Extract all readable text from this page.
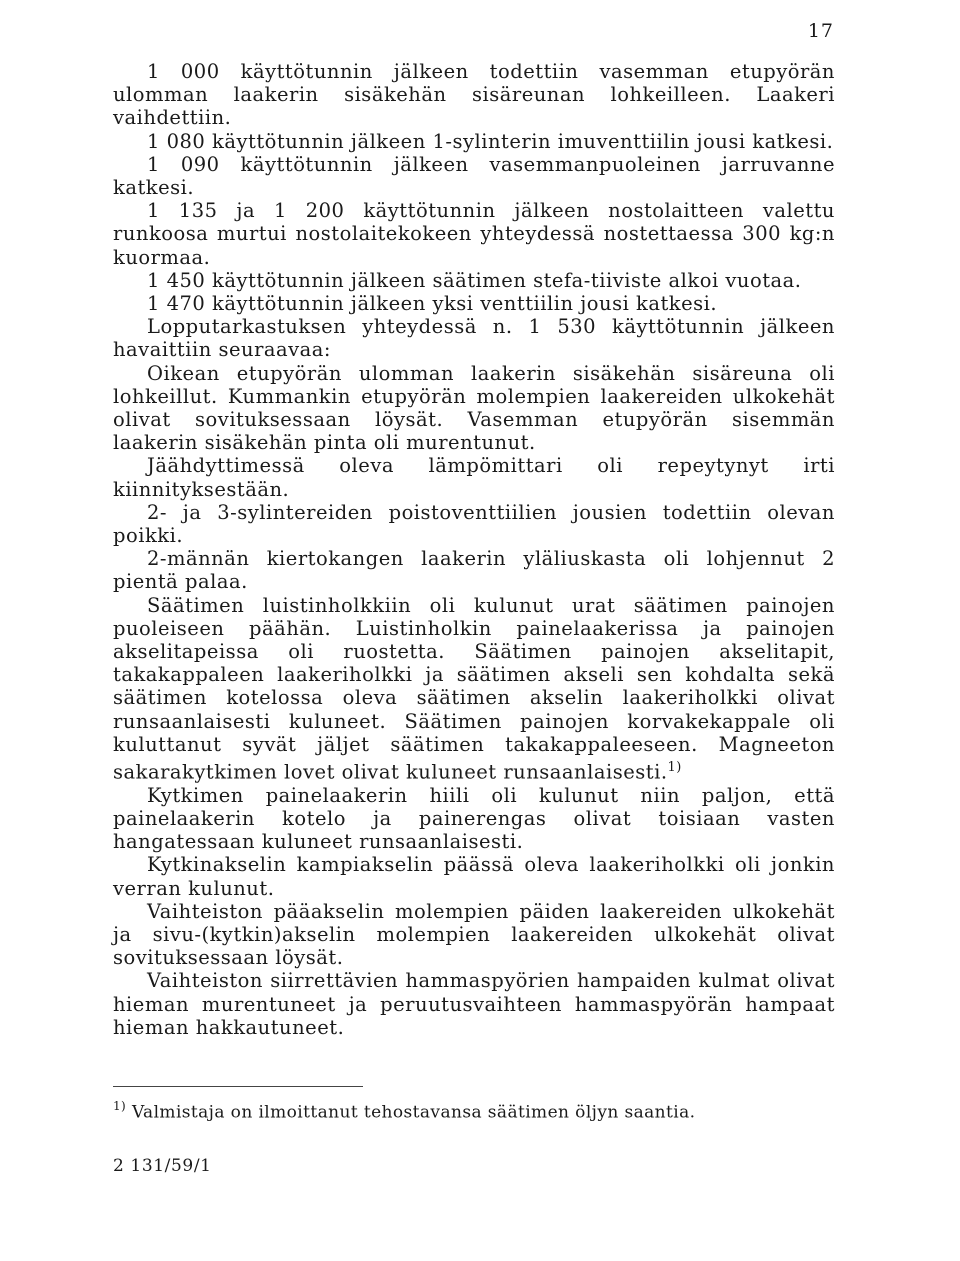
17

1 000 käyttötunnin jälkeen todettiin vasemman etupyörän ulomman laakerin sisäkehän sisäreunan lohkeilleen. Laakeri vaihdettiin.

1 080 käyttötunnin jälkeen 1-sylinterin imuventtiilin jousi katkesi.

1 090 käyttötunnin jälkeen vasemmanpuoleinen jarruvanne katkesi.

1 135 ja 1 200 käyttötunnin jälkeen nostolaitteen valettu runkoosa murtui nostolaitekokeen yhteydessä nostettaessa 300 kg:n kuormaa.

1 450 käyttötunnin jälkeen säätimen stefa-tiiviste alkoi vuotaa.

1 470 käyttötunnin jälkeen yksi venttiilin jousi katkesi.

Lopputarkastuksen yhteydessä n. 1 530 käyttötunnin jälkeen havaittiin seuraavaa:

Oikean etupyörän ulomman laakerin sisäkehän sisäreuna oli lohkeillut. Kummankin etupyörän molempien laakereiden ulkokehät olivat sovituksessaan löysät. Vasemman etupyörän sisemmän laakerin sisäkehän pinta oli murentunut.

Jäähdyttimessä oleva lämpömittari oli repeytynyt irti kiinnityksestään.

2- ja 3-sylintereiden poistoventtiilien jousien todettiin olevan poikki.

2-männän kiertokangen laakerin yläliuskasta oli lohjennut 2 pientä palaa.

Säätimen luistinholkkiin oli kulunut urat säätimen painojen puoleiseen päähän. Luistinholkin painelaakerissa ja painojen akselitapeissa oli ruostetta. Säätimen painojen akselitapit, takakappaleen laakeriholkki ja säätimen akseli sen kohdalta sekä säätimen kotelossa oleva säätimen akselin laakeriholkki olivat runsaanlaisesti kuluneet. Säätimen painojen korvakekappale oli kuluttanut syvät jäljet säätimen takakappaleeseen. Magneeton sakarakytkimen lovet olivat kuluneet runsaanlaisesti.$^{1)}$

Kytkimen painelaakerin hiili oli kulunut niin paljon, että painelaakerin kotelo ja painerengas olivat toisiaan vasten hangatessaan kuluneet runsaanlaisesti.

Kytkinakselin kampiakselin päässä oleva laakeriholkki oli jonkin verran kulunut.

Vaihteiston pääakselin molempien päiden laakereiden ulkokehät ja sivu-(kytkin)akselin molempien laakereiden ulkokehät olivat sovituksessaan löysät.

Vaihteiston siirrettävien hammaspyörien hampaiden kulmat olivat hieman murentuneet ja peruutusvaihteen hammaspyörän hampaat hieman hakkautuneet.

$^{1)}$ Valmistaja on ilmoittanut tehostavansa säätimen öljyn saantia.
2 131/59/1
